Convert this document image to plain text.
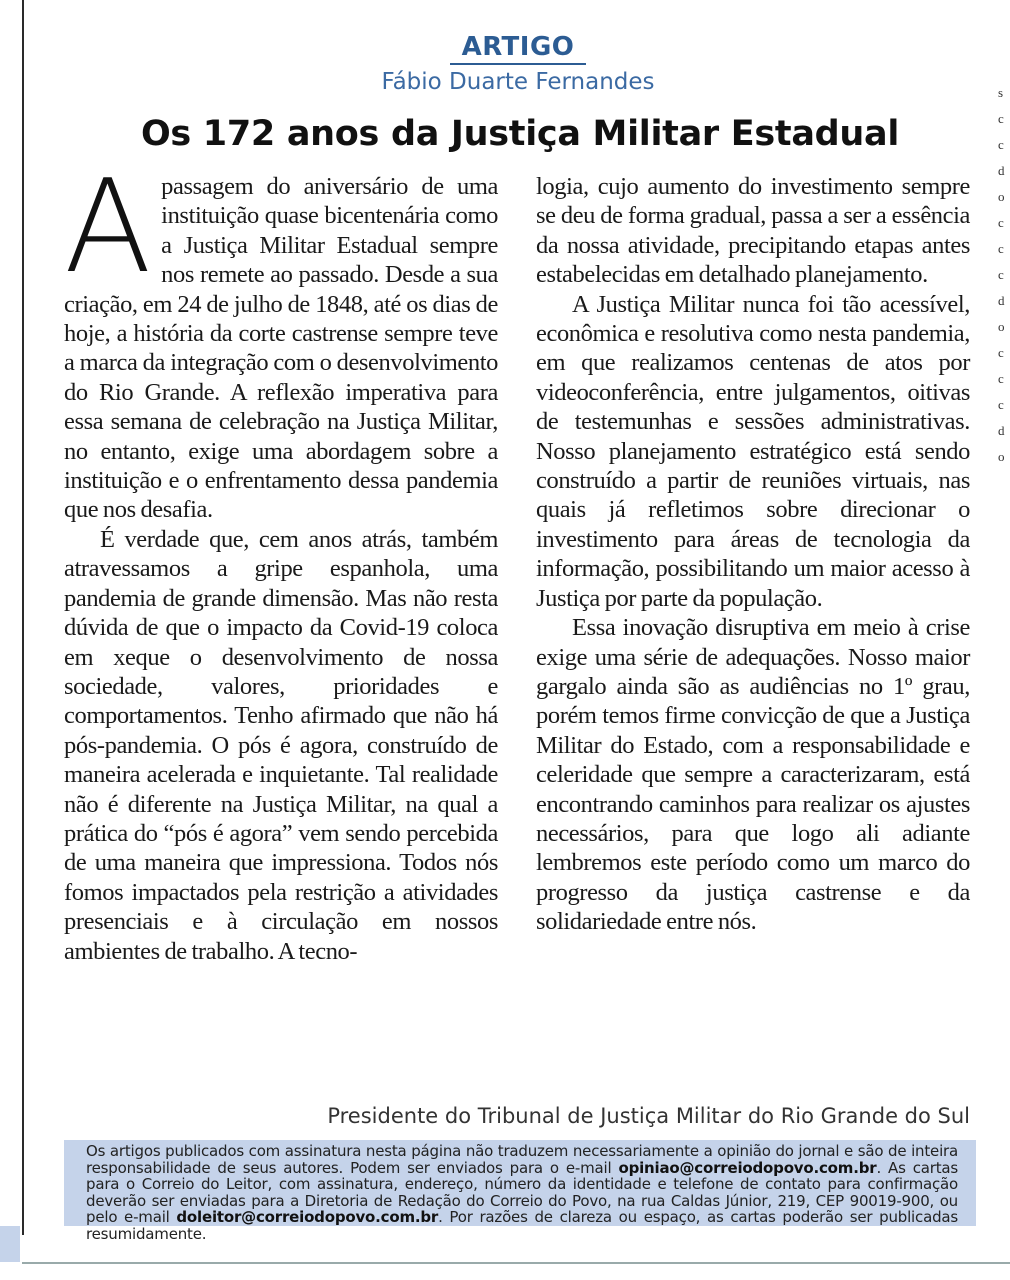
s c c d o c c c d o c c c d o
ARTIGO
Fábio Duarte Fernandes
Os 172 anos da Justiça Militar Estadual
A passagem do aniversário de uma instituição quase bicentenária como a Justiça Militar Estadual sempre nos remete ao passado. Desde a sua criação, em 24 de julho de 1848, até os dias de hoje, a história da corte castrense sempre teve a marca da integração com o desenvolvimento do Rio Grande. A reflexão imperativa para essa semana de celebração na Justiça Militar, no entanto, exige uma abordagem sobre a instituição e o enfrentamento dessa pandemia que nos desafia.

É verdade que, cem anos atrás, também atravessamos a gripe espanhola, uma pandemia de grande dimensão. Mas não resta dúvida de que o impacto da Covid-19 coloca em xeque o desenvolvimento de nossa sociedade, valores, prioridades e comportamentos. Tenho afirmado que não há pós-pandemia. O pós é agora, construído de maneira acelerada e inquietante. Tal realidade não é diferente na Justiça Militar, na qual a prática do “pós é agora” vem sendo percebida de uma maneira que impressiona. Todos nós fomos impactados pela restrição a atividades presenciais e à circulação em nossos ambientes de trabalho. A tecno-

logia, cujo aumento do investimento sempre se deu de forma gradual, passa a ser a essência da nossa atividade, precipitando etapas antes estabelecidas em detalhado planejamento.

A Justiça Militar nunca foi tão acessível, econômica e resolutiva como nesta pandemia, em que realizamos centenas de atos por videoconferência, entre julgamentos, oitivas de testemunhas e sessões administrativas. Nosso planejamento estratégico está sendo construído a partir de reuniões virtuais, nas quais já refletimos sobre direcionar o investimento para áreas de tecnologia da informação, possibilitando um maior acesso à Justiça por parte da população.

Essa inovação disruptiva em meio à crise exige uma série de adequações. Nosso maior gargalo ainda são as audiências no 1º grau, porém temos firme convicção de que a Justiça Militar do Estado, com a responsabilidade e celeridade que sempre a caracterizaram, está encontrando caminhos para realizar os ajustes necessários, para que logo ali adiante lembremos este período como um marco do progresso da justiça castrense e da solidariedade entre nós.

Presidente do Tribunal de Justiça Militar do Rio Grande do Sul
Os artigos publicados com assinatura nesta página não traduzem necessariamente a opinião do jornal e são de inteira responsabilidade de seus autores. Podem ser enviados para o e-mail opiniao@correiodopovo.com.br. As cartas para o Correio do Leitor, com assinatura, endereço, número da identidade e telefone de contato para confirmação deverão ser enviadas para a Diretoria de Redação do Correio do Povo, na rua Caldas Júnior, 219, CEP 90019-900, ou pelo e-mail doleitor@correiodopovo.com.br. Por razões de clareza ou espaço, as cartas poderão ser publicadas resumidamente.
